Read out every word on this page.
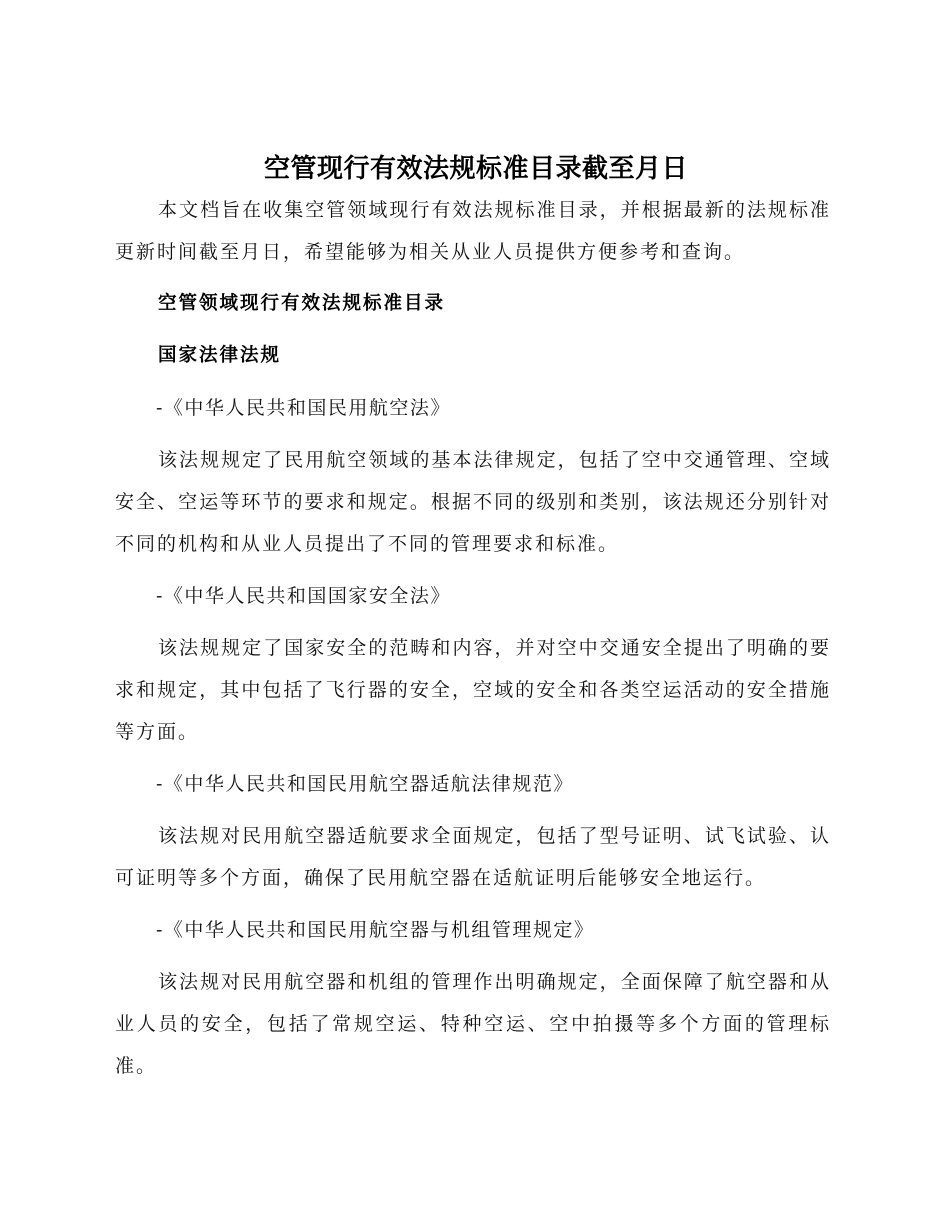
空管现行有效法规标准目录截至月日

本文档旨在收集空管领域现行有效法规标准目录，并根据最新的法规标准更新时间截至月日，希望能够为相关从业人员提供方便参考和查询。

空管领域现行有效法规标准目录

国家法律法规

-《中华人民共和国民用航空法》

该法规规定了民用航空领域的基本法律规定，包括了空中交通管理、空域安全、空运等环节的要求和规定。根据不同的级别和类别，该法规还分别针对不同的机构和从业人员提出了不同的管理要求和标准。

-《中华人民共和国国家安全法》

该法规规定了国家安全的范畴和内容，并对空中交通安全提出了明确的要求和规定，其中包括了飞行器的安全，空域的安全和各类空运活动的安全措施等方面。

-《中华人民共和国民用航空器适航法律规范》

该法规对民用航空器适航要求全面规定，包括了型号证明、试飞试验、认可证明等多个方面，确保了民用航空器在适航证明后能够安全地运行。

-《中华人民共和国民用航空器与机组管理规定》

该法规对民用航空器和机组的管理作出明确规定，全面保障了航空器和从业人员的安全，包括了常规空运、特种空运、空中拍摄等多个方面的管理标准。
